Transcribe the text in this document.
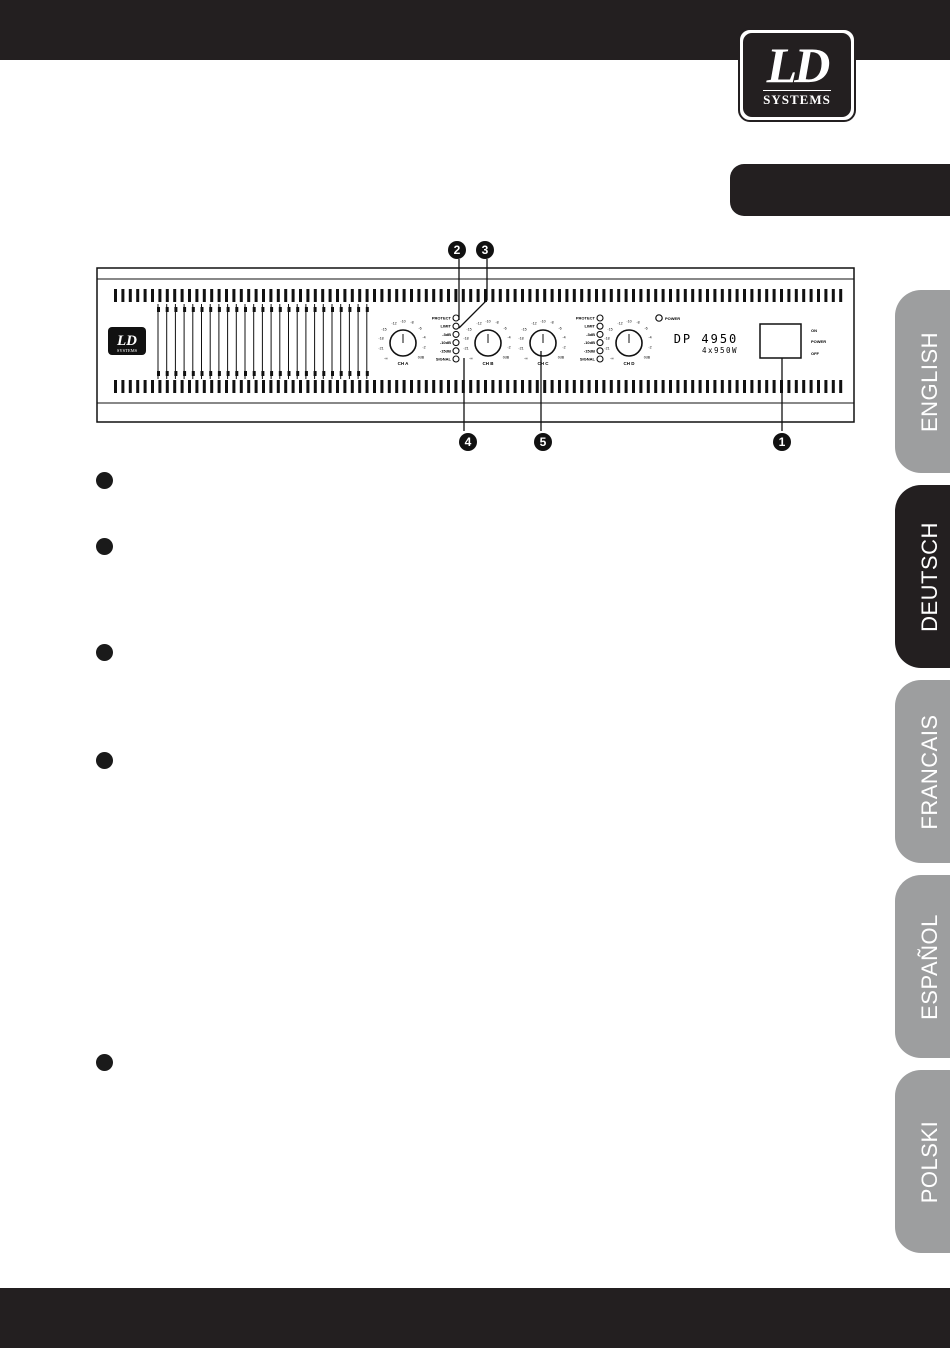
LD
SYSTEMS
ENGLISH
DEUTSCH
FRANCAIS
ESPAÑOL
POLSKI
LD
SYSTEMS
PROTECT
LIMIT
-3dB
-10dB
-15dB
SIGNAL
PROTECT
LIMIT
-3dB
-10dB
-15dB
SIGNAL
-12 -10 -8
-6
-4
-2
0dB
-15
-18
-21
-∞
CH A
-12 -10 -8
-6
-4
-2
0dB
-15
-18
-21
-∞
CH B
-12 -10 -8
-6
-4
-2
0dB
-15
-18
-21
-∞
CH C
-12 -10 -8
-6
-4
-2
0dB
-15
-18
-21
-∞
CH D
POWER
DP 4950
4x950W
ON
POWER
OFF
2 3
4	5	1
